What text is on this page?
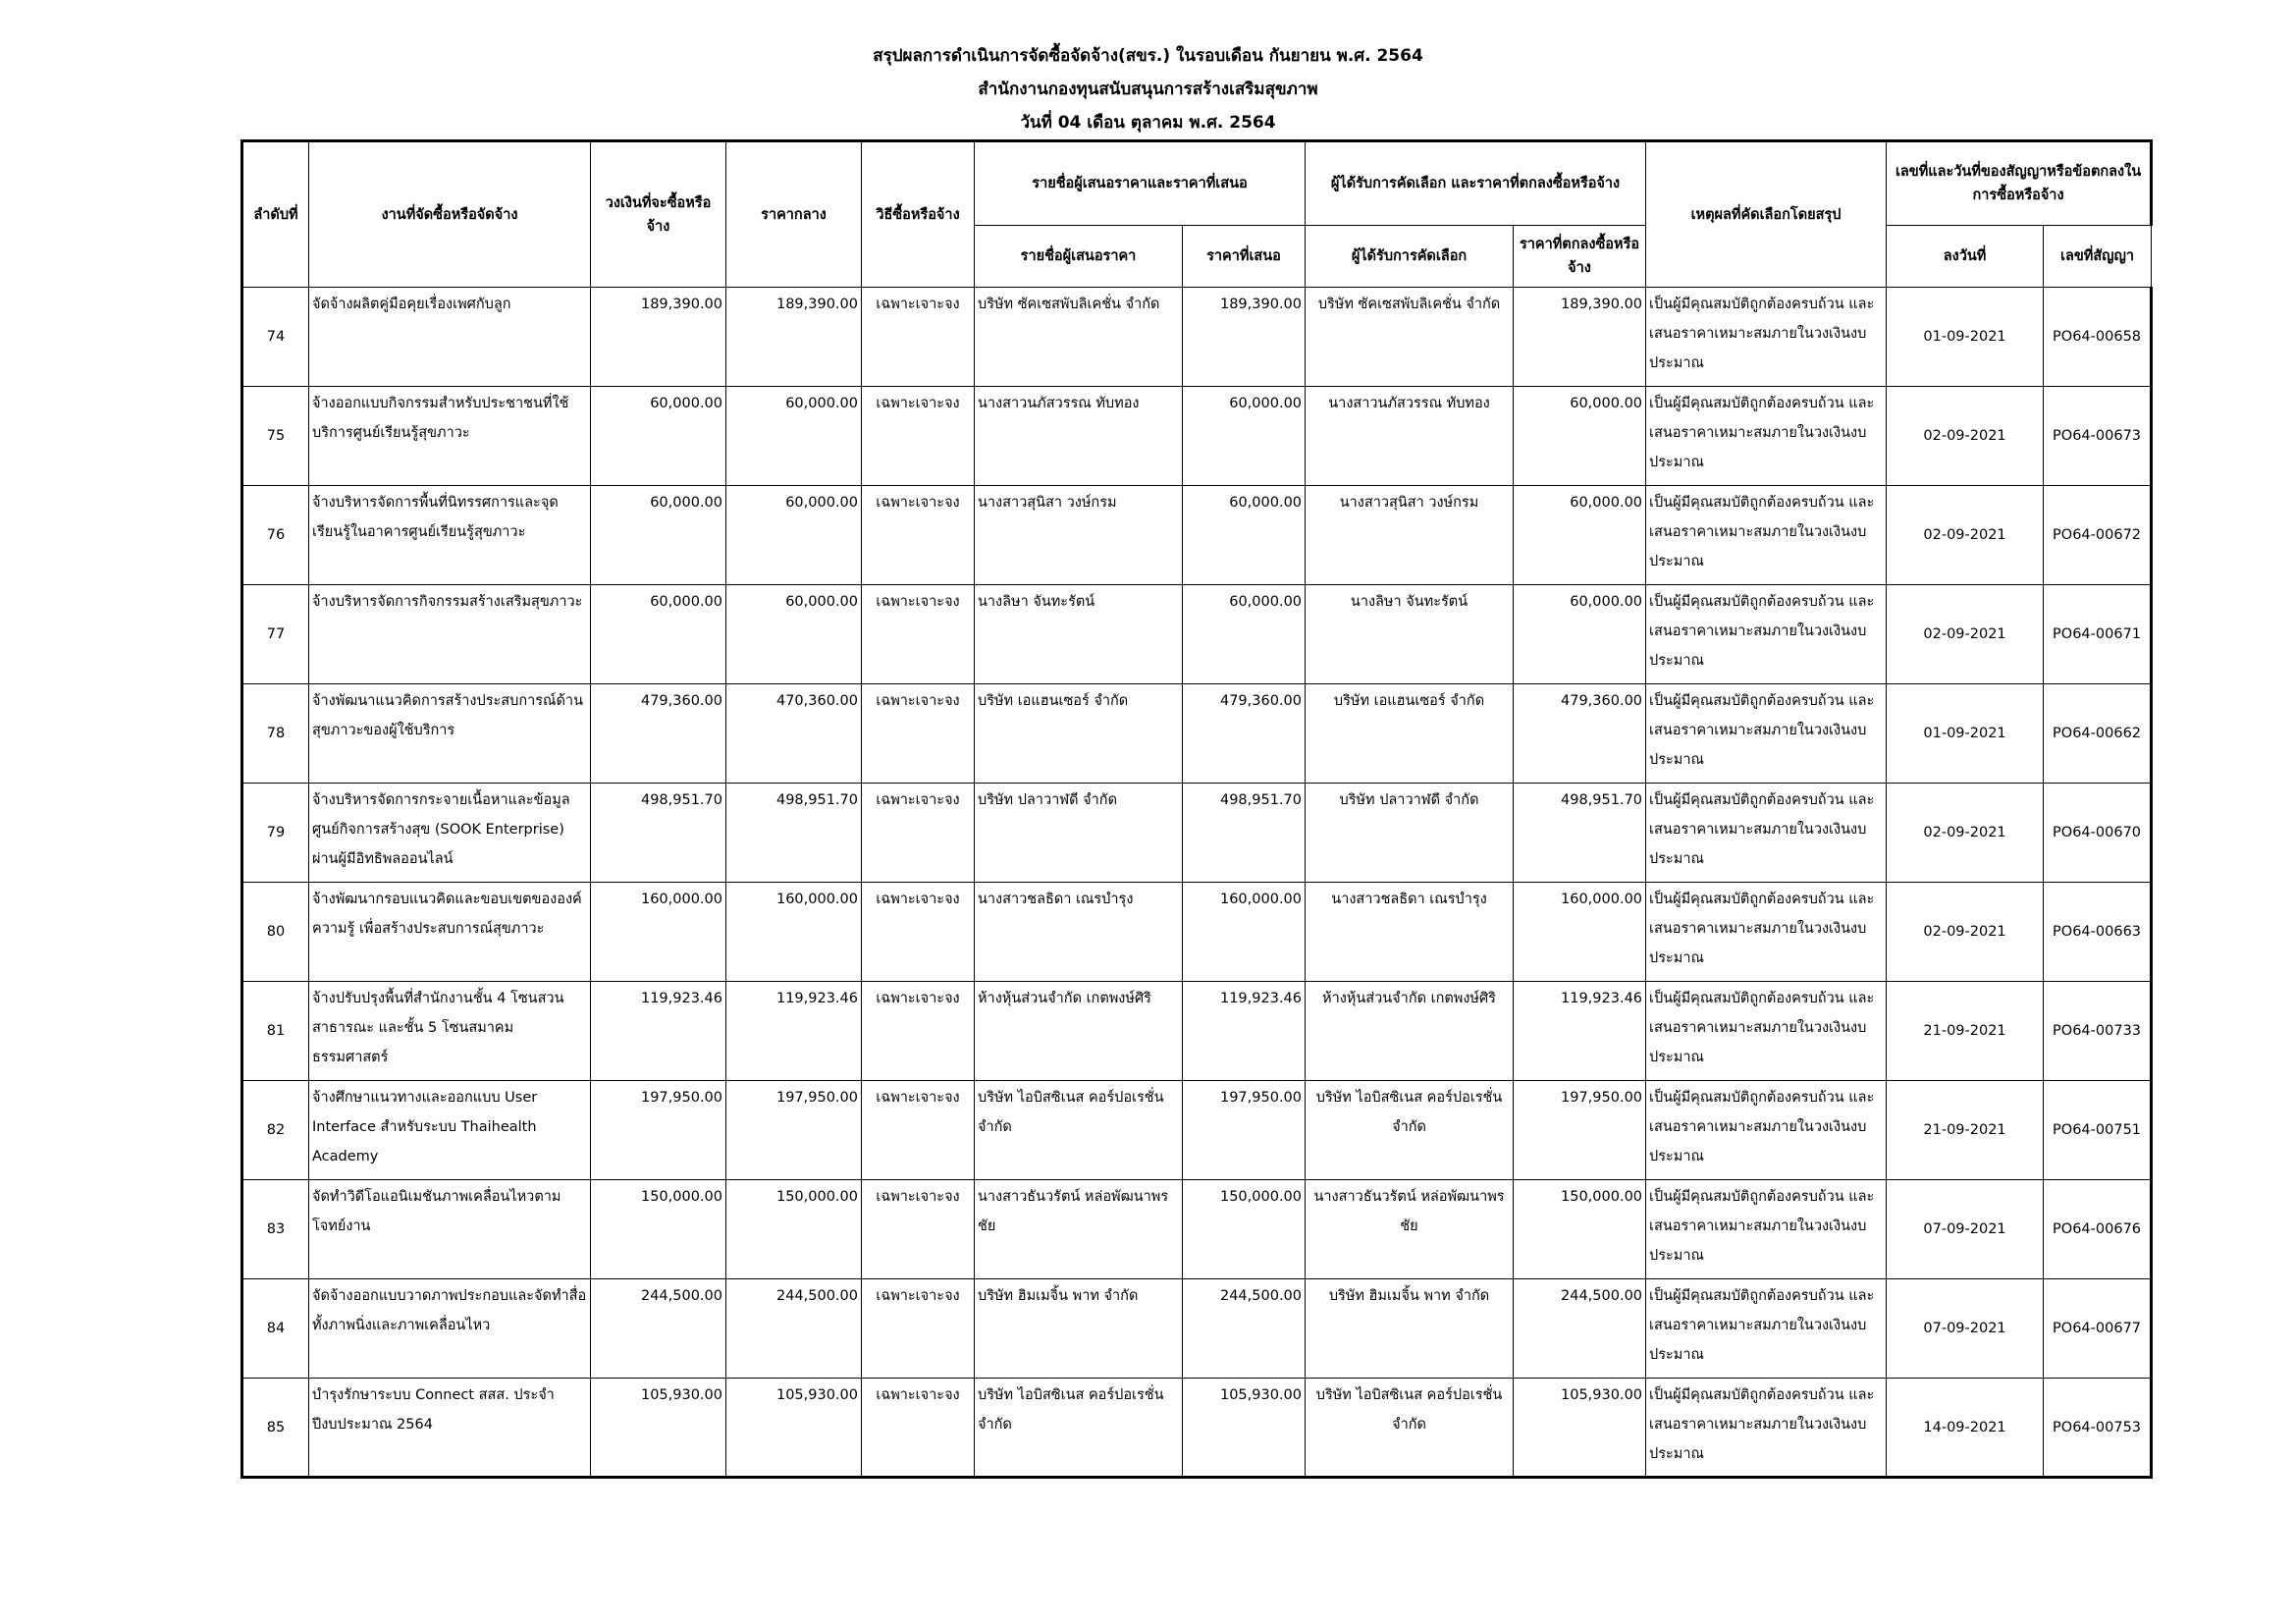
สรุปผลการดำเนินการจัดซื้อจัดจ้าง(สขร.) ในรอบเดือน กันยายน พ.ศ. 2564
สำนักงานกองทุนสนับสนุนการสร้างเสริมสุขภาพ
วันที่ 04 เดือน ตุลาคม พ.ศ. 2564
ลำดับที่	งานที่จัดซื้อหรือจัดจ้าง	วงเงินที่จะซื้อหรือจ้าง	ราคากลาง	วิธีซื้อหรือจ้าง	รายชื่อผู้เสนอราคาและราคาที่เสนอ		ผู้ได้รับการคัดเลือก และราคาที่ตกลงซื้อหรือจ้าง		เหตุผลที่คัดเลือกโดยสรุป	เลขที่และวันที่ของสัญญาหรือข้อตกลงในการซื้อหรือจ้าง	
					รายชื่อผู้เสนอราคา	ราคาที่เสนอ	ผู้ได้รับการคัดเลือก	ราคาที่ตกลงซื้อหรือจ้าง		ลงวันที่	เลขที่สัญญา
74	จัดจ้างผลิตคู่มือคุยเรื่องเพศกับลูก	189,390.00	189,390.00	เฉพาะเจาะจง	บริษัท ซัคเซสพับลิเคชั่น จำกัด	189,390.00	บริษัท ซัคเซสพับลิเคชั่น จำกัด	189,390.00	เป็นผู้มีคุณสมบัติถูกต้องครบถ้วน และเสนอราคาเหมาะสมภายในวงเงินงบประมาณ	01-09-2021	PO64-00658
75	จ้างออกแบบกิจกรรมสำหรับประชาชนที่ใช้บริการศูนย์เรียนรู้สุขภาวะ	60,000.00	60,000.00	เฉพาะเจาะจง	นางสาวนภัสวรรณ ทับทอง	60,000.00	นางสาวนภัสวรรณ ทับทอง	60,000.00	เป็นผู้มีคุณสมบัติถูกต้องครบถ้วน และเสนอราคาเหมาะสมภายในวงเงินงบประมาณ	02-09-2021	PO64-00673
76	จ้างบริหารจัดการพื้นที่นิทรรศการและจุดเรียนรู้ในอาคารศูนย์เรียนรู้สุขภาวะ	60,000.00	60,000.00	เฉพาะเจาะจง	นางสาวสุนิสา วงษ์กรม	60,000.00	นางสาวสุนิสา วงษ์กรม	60,000.00	เป็นผู้มีคุณสมบัติถูกต้องครบถ้วน และเสนอราคาเหมาะสมภายในวงเงินงบประมาณ	02-09-2021	PO64-00672
77	จ้างบริหารจัดการกิจกรรมสร้างเสริมสุขภาวะ	60,000.00	60,000.00	เฉพาะเจาะจง	นางลิษา จันทะรัตน์	60,000.00	นางลิษา จันทะรัตน์	60,000.00	เป็นผู้มีคุณสมบัติถูกต้องครบถ้วน และเสนอราคาเหมาะสมภายในวงเงินงบประมาณ	02-09-2021	PO64-00671
78	จ้างพัฒนาแนวคิดการสร้างประสบการณ์ด้านสุขภาวะของผู้ใช้บริการ	479,360.00	470,360.00	เฉพาะเจาะจง	บริษัท เอแฮนเซอร์ จำกัด	479,360.00	บริษัท เอแฮนเซอร์ จำกัด	479,360.00	เป็นผู้มีคุณสมบัติถูกต้องครบถ้วน และเสนอราคาเหมาะสมภายในวงเงินงบประมาณ	01-09-2021	PO64-00662
79	จ้างบริหารจัดการกระจายเนื้อหาและข้อมูลศูนย์กิจการสร้างสุข (SOOK Enterprise) ผ่านผู้มีอิทธิพลออนไลน์	498,951.70	498,951.70	เฉพาะเจาะจง	บริษัท ปลาวาฬดี จำกัด	498,951.70	บริษัท ปลาวาฬดี จำกัด	498,951.70	เป็นผู้มีคุณสมบัติถูกต้องครบถ้วน และเสนอราคาเหมาะสมภายในวงเงินงบประมาณ	02-09-2021	PO64-00670
80	จ้างพัฒนากรอบแนวคิดและขอบเขตขององค์ความรู้ เพื่อสร้างประสบการณ์สุขภาวะ	160,000.00	160,000.00	เฉพาะเจาะจง	นางสาวชลธิดา เณรบำรุง	160,000.00	นางสาวชลธิดา เณรบำรุง	160,000.00	เป็นผู้มีคุณสมบัติถูกต้องครบถ้วน และเสนอราคาเหมาะสมภายในวงเงินงบประมาณ	02-09-2021	PO64-00663
81	จ้างปรับปรุงพื้นที่สำนักงานชั้น 4 โซนสวนสาธารณะ และชั้น 5 โซนสมาคมธรรมศาสตร์	119,923.46	119,923.46	เฉพาะเจาะจง	ห้างหุ้นส่วนจำกัด เกตพงษ์ศิริ	119,923.46	ห้างหุ้นส่วนจำกัด เกตพงษ์ศิริ	119,923.46	เป็นผู้มีคุณสมบัติถูกต้องครบถ้วน และเสนอราคาเหมาะสมภายในวงเงินงบประมาณ	21-09-2021	PO64-00733
82	จ้างศึกษาแนวทางและออกแบบ User Interface สำหรับระบบ Thaihealth Academy	197,950.00	197,950.00	เฉพาะเจาะจง	บริษัท ไอบิสซิเนส คอร์ปอเรชั่น จำกัด	197,950.00	บริษัท ไอบิสซิเนส คอร์ปอเรชั่น จำกัด	197,950.00	เป็นผู้มีคุณสมบัติถูกต้องครบถ้วน และเสนอราคาเหมาะสมภายในวงเงินงบประมาณ	21-09-2021	PO64-00751
83	จัดทำวิดีโอแอนิเมชันภาพเคลื่อนไหวตามโจทย์งาน	150,000.00	150,000.00	เฉพาะเจาะจง	นางสาวธันวรัตน์ หล่อพัฒนาพรชัย	150,000.00	นางสาวธันวรัตน์ หล่อพัฒนาพรชัย	150,000.00	เป็นผู้มีคุณสมบัติถูกต้องครบถ้วน และเสนอราคาเหมาะสมภายในวงเงินงบประมาณ	07-09-2021	PO64-00676
84	จัดจ้างออกแบบวาดภาพประกอบและจัดทำสื่อทั้งภาพนิ่งและภาพเคลื่อนไหว	244,500.00	244,500.00	เฉพาะเจาะจง	บริษัท ฮิมเมจิ้น พาท จำกัด	244,500.00	บริษัท ฮิมเมจิ้น พาท จำกัด	244,500.00	เป็นผู้มีคุณสมบัติถูกต้องครบถ้วน และเสนอราคาเหมาะสมภายในวงเงินงบประมาณ	07-09-2021	PO64-00677
85	บำรุงรักษาระบบ Connect สสส. ประจำปีงบประมาณ 2564	105,930.00	105,930.00	เฉพาะเจาะจง	บริษัท ไอบิสซิเนส คอร์ปอเรชั่น จำกัด	105,930.00	บริษัท ไอบิสซิเนส คอร์ปอเรชั่น จำกัด	105,930.00	เป็นผู้มีคุณสมบัติถูกต้องครบถ้วน และเสนอราคาเหมาะสมภายในวงเงินงบประมาณ	14-09-2021	PO64-00753
